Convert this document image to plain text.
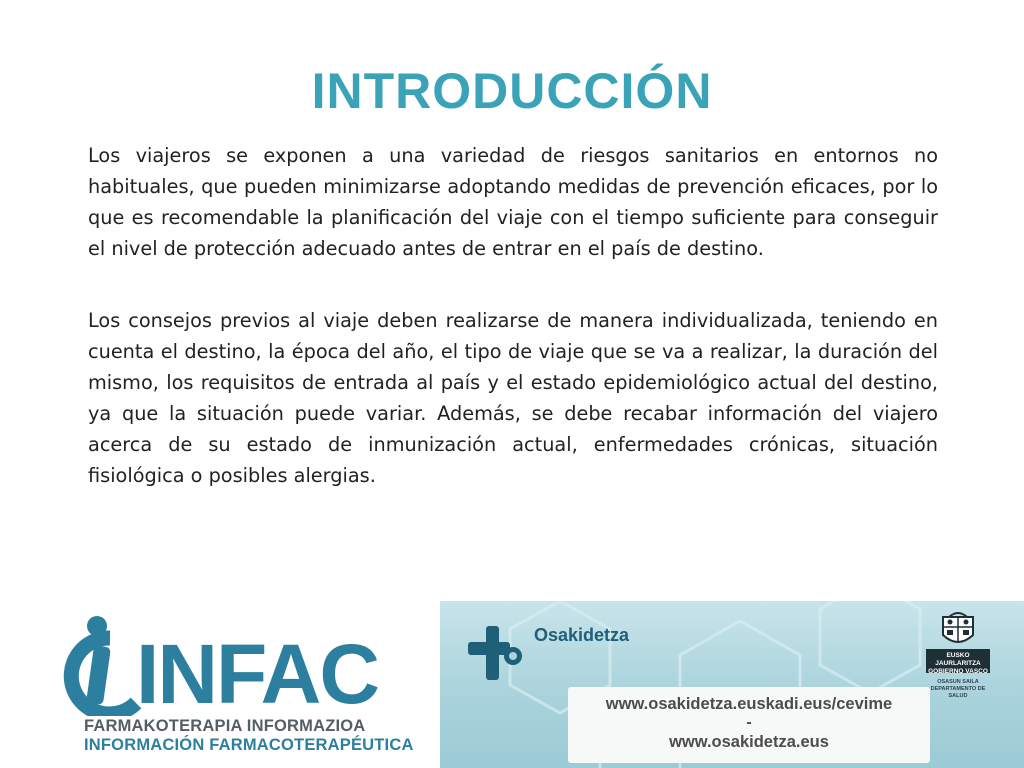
INTRODUCCIÓN

Los viajeros se exponen a una variedad de riesgos sanitarios en entornos no habituales, que pueden minimizarse adoptando medidas de prevención eficaces, por lo que es recomendable la planificación del viaje con el tiempo suficiente para conseguir el nivel de protección adecuado antes de entrar en el país de destino.

Los consejos previos al viaje deben realizarse de manera individualizada, teniendo en cuenta el destino, la época del año, el tipo de viaje que se va a realizar, la duración del mismo, los requisitos de entrada al país y el estado epidemiológico actual del destino, ya que la situación puede variar. Además, se debe recabar información del viajero acerca de su estado de inmunización actual, enfermedades crónicas, situación fisiológica o posibles alergias.

INFAC
FARMAKOTERAPIA INFORMAZIOA
INFORMACIÓN FARMACOTERAPÉUTICA
Osakidetza
www.osakidetza.euskadi.eus/cevime
-
www.osakidetza.eus
EUSKO JAURLARITZA
GOBIERNO VASCO
OSASUN SAILA
DEPARTAMENTO DE SALUD
